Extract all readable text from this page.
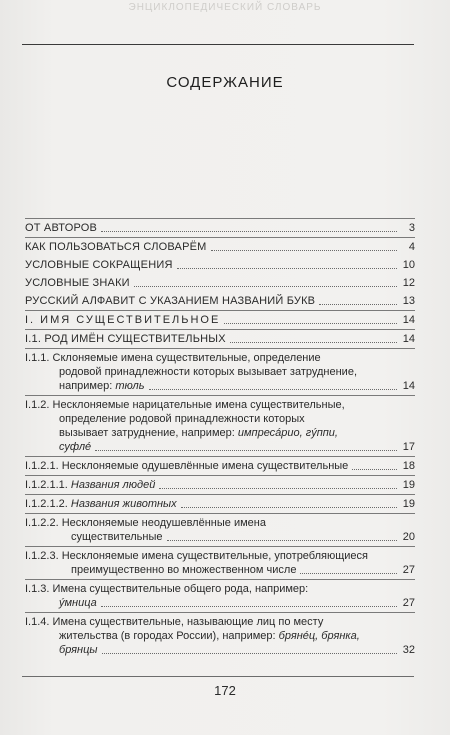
ЭНЦИКЛОПЕДИЧЕСКИЙ СЛОВАРЬ
СОДЕРЖАНИЕ
ОТ АВТОРОВ	3
КАК ПОЛЬЗОВАТЬСЯ СЛОВАРЁМ	4
УСЛОВНЫЕ СОКРАЩЕНИЯ	10
УСЛОВНЫЕ ЗНАКИ	12
РУССКИЙ АЛФАВИТ С УКАЗАНИЕМ НАЗВАНИЙ БУКВ	13
I. ИМЯ СУЩЕСТВИТЕЛЬНОЕ	14
I.1. РОД ИМЁН СУЩЕСТВИТЕЛЬНЫХ	14
I.1.1. Склоняемые имена существительные, определение
родовой принадлежности которых вызывает затруднение,
например: тюль	14
I.1.2. Несклоняемые нарицательные имена существительные,
определение родовой принадлежности которых
вызывает затруднение, например: импресáрио, гýппи,
суфлé	17
I.1.2.1. Несклоняемые одушевлённые имена существительные	18
I.1.2.1.1. Названия людей	19
I.1.2.1.2. Названия животных	19
I.1.2.2. Несклоняемые неодушевлённые имена
существительные	20
I.1.2.3. Несклоняемые имена существительные, употребляющиеся
преимущественно во множественном числе	27
I.1.3. Имена существительные общего рода, например:
ýмница	27
I.1.4. Имена существительные, называющие лиц по месту
жительства (в городах России), например: брянéц, брянка,
брянцы	32
172
